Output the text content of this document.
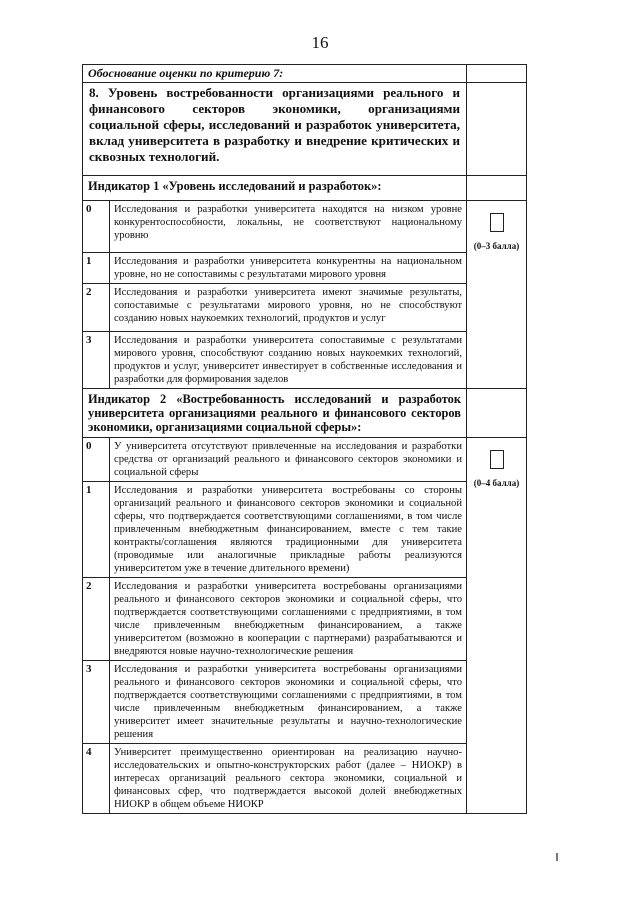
16
Обоснование оценки по критерию 7:		
8. Уровень востребованности организациями реального и финансового секторов экономики, организациями социальной сферы, исследований и разработок университета, вклад университета в разработку и внедрение критических и сквозных технологий.		
Индикатор 1 «Уровень исследований и разработок»:		
0	Исследования и разработки университета находятся на низком уровне конкурентоспособности, локальны, не соответствуют национальному уровню	(0–3 балла)
1	Исследования и разработки университета конкурентны на национальном уровне, но не сопоставимы с результатами мирового уровня	
2	Исследования и разработки университета имеют значимые результаты, сопоставимые с результатами мирового уровня, но не способствуют созданию новых наукоемких технологий, продуктов и услуг	
3	Исследования и разработки университета сопоставимые с результатами мирового уровня, способствуют созданию новых наукоемких технологий, продуктов и услуг, университет инвестирует в собственные исследования и разработки для формирования заделов	
Индикатор 2 «Востребованность исследований и разработок университета организациями реального и финансового секторов экономики, организациями социальной сферы»:		
0	У университета отсутствуют привлеченные на исследования и разработки средства от организаций реального и финансового секторов экономики и социальной сферы	(0–4 балла)
1	Исследования и разработки университета востребованы со стороны организаций реального и финансового секторов экономики и социальной сферы, что подтверждается соответствующими соглашениями, в том числе привлеченным внебюджетным финансированием, вместе с тем такие контракты/соглашения являются традиционными для университета (проводимые или аналогичные прикладные работы реализуются университетом уже в течение длительного времени)	
2	Исследования и разработки университета востребованы организациями реального и финансового секторов экономики и социальной сферы, что подтверждается соответствующими соглашениями с предприятиями, в том числе привлеченным внебюджетным финансированием, а также университетом (возможно в кооперации с партнерами) разрабатываются и внедряются новые научно-технологические решения	
3	Исследования и разработки университета востребованы организациями реального и финансового секторов экономики и социальной сферы, что подтверждается соответствующими соглашениями с предприятиями, в том числе привлеченным внебюджетным финансированием, а также университет имеет значительные результаты и научно-технологические решения	
4	Университет преимущественно ориентирован на реализацию научно-исследовательских и опытно-конструкторских работ (далее – НИОКР) в интересах организаций реального сектора экономики, социальной и финансовых сфер, что подтверждается высокой долей внебюджетных НИОКР в общем объеме НИОКР	
